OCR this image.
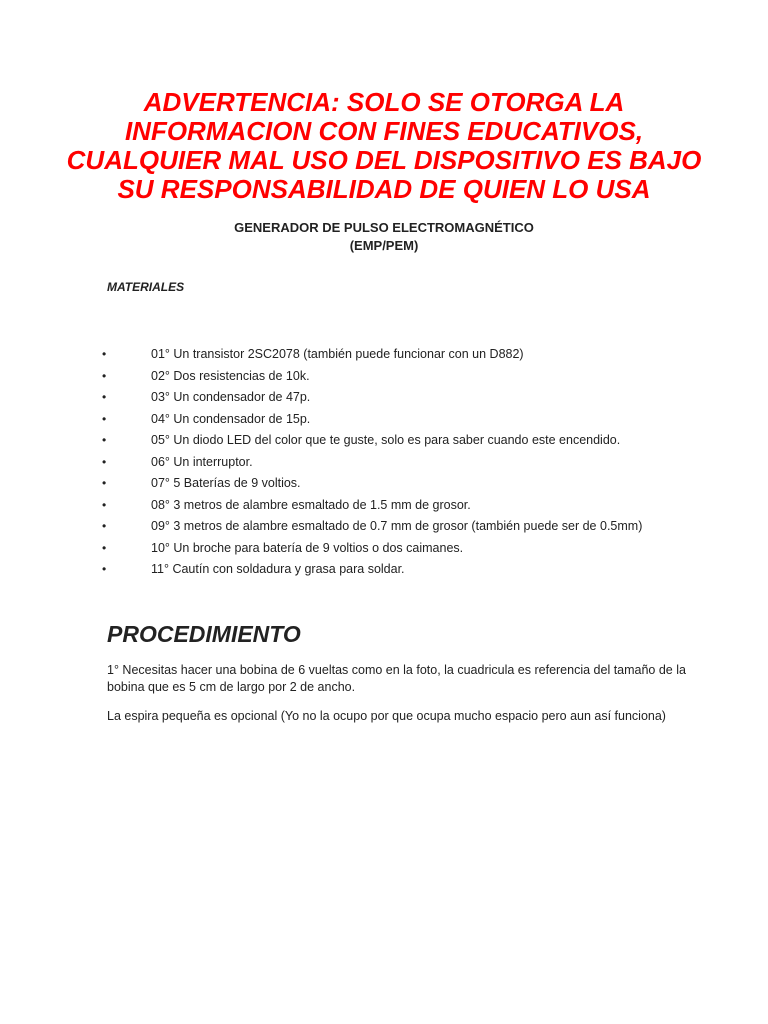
ADVERTENCIA: SOLO SE OTORGA LA
INFORMACION CON FINES EDUCATIVOS,
CUALQUIER MAL USO DEL DISPOSITIVO ES BAJO
SU RESPONSABILIDAD DE QUIEN LO USA
GENERADOR DE PULSO ELECTROMAGNÉTICO
(EMP/PEM)
MATERIALES
•	01° Un transistor 2SC2078 (también puede funcionar con un D882)
•	02° Dos resistencias de 10k.
•	03° Un condensador de 47p.
•	04° Un condensador de 15p.
•	05° Un diodo LED del color que te guste, solo es para saber cuando este encendido.
•	06° Un interruptor.
•	07° 5 Baterías de 9 voltios.
•	08° 3 metros de alambre esmaltado de 1.5 mm de grosor.
•	09° 3 metros de alambre esmaltado de 0.7 mm de grosor (también puede ser de 0.5mm)
•	10° Un broche para batería de 9 voltios o dos caimanes.
•	11° Cautín con soldadura y grasa para soldar.
PROCEDIMIENTO

1° Necesitas hacer una bobina de 6 vueltas como en la foto, la cuadricula es referencia del tamaño de la bobina que es 5 cm de largo por 2 de ancho.

La espira pequeña es opcional (Yo no la ocupo por que ocupa mucho espacio pero aun así funciona)
